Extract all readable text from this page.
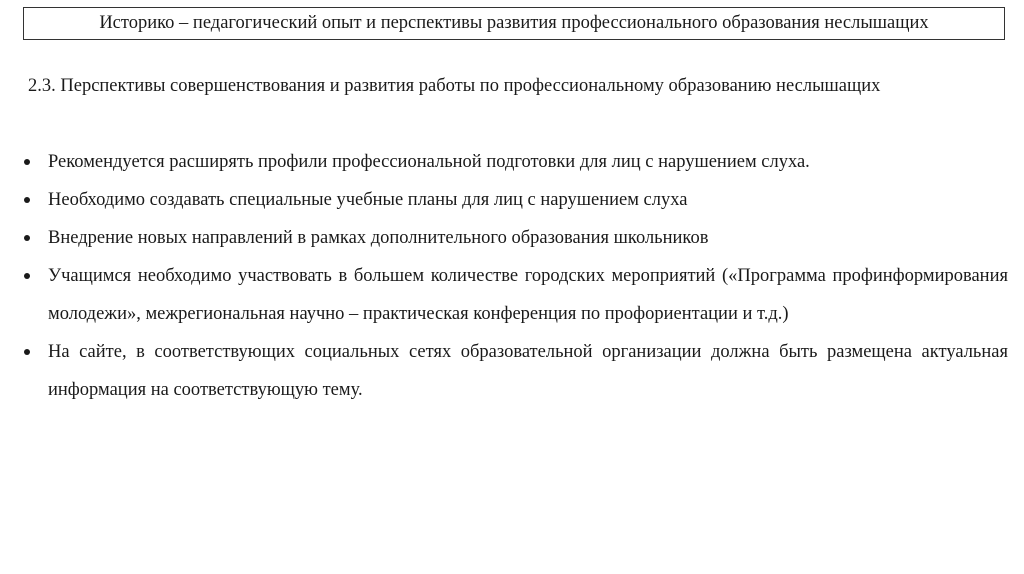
Историко – педагогический опыт и перспективы развития профессионального образования неслышащих
2.3. Перспективы совершенствования и развития работы по профессиональному образованию неслышащих
Рекомендуется расширять профили профессиональной подготовки для лиц с нарушением слуха.
Необходимо создавать специальные учебные планы для лиц с нарушением слуха
Внедрение новых направлений в рамках дополнительного образования школьников
Учащимся необходимо участвовать в большем количестве городских мероприятий («Программа профинформирования молодежи», межрегиональная научно – практическая конференция по профориентации и т.д.)
На сайте, в соответствующих социальных сетях образовательной организации должна быть размещена актуальная информация на соответствующую тему.
